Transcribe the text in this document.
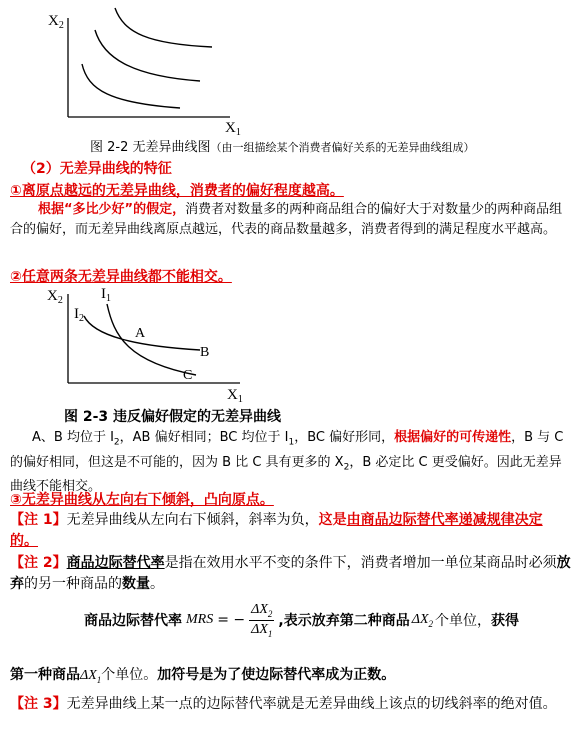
$X_2$
$X_1$
图 2-2 无差异曲线图（由一组描绘某个消费者偏好关系的无差异曲线组成）
（2）无差异曲线的特征
①离原点越远的无差异曲线，消费者的偏好程度越高。
根据“多比少好”的假定，消费者对数量多的两种商品组合的偏好大于对数量少的两种商品组合的偏好，而无差异曲线离原点越远，代表的商品数量越多，消费者得到的满足程度水平越高。
②任意两条无差异曲线都不能相交。
$X_2$	$I_1$
$I_2$
A
B
C
$X_1$
图 2-3 违反偏好假定的无差异曲线
A、B 均位于 $I_2$，AB 偏好相同；BC 均位于 $I_1$，BC 偏好形同，根据偏好的可传递性，B 与 C 的偏好相同，但这是不可能的，因为 B 比 C 具有更多的 $X_2$，B 必定比 C 更受偏好。因此无差异曲线不能相交。
③无差异曲线从左向右下倾斜，凸向原点。
【注 1】无差异曲线从左向右下倾斜，斜率为负，这是由商品边际替代率递减规律决定的。
【注 2】商品边际替代率是指在效用水平不变的条件下，消费者增加一单位某商品时必须放弃的另一种商品的数量。
商品边际替代率 MRS = − $\frac{\Delta X_2}{\Delta X_1}$ ,表示放弃第二种商品 $\Delta X_2$ 个单位， 获得
第一种商品$\Delta X_1$个单位。加符号是为了使边际替代率成为正数。
【注 3】无差异曲线上某一点的边际替代率就是无差异曲线上该点的切线斜率的绝对值。
